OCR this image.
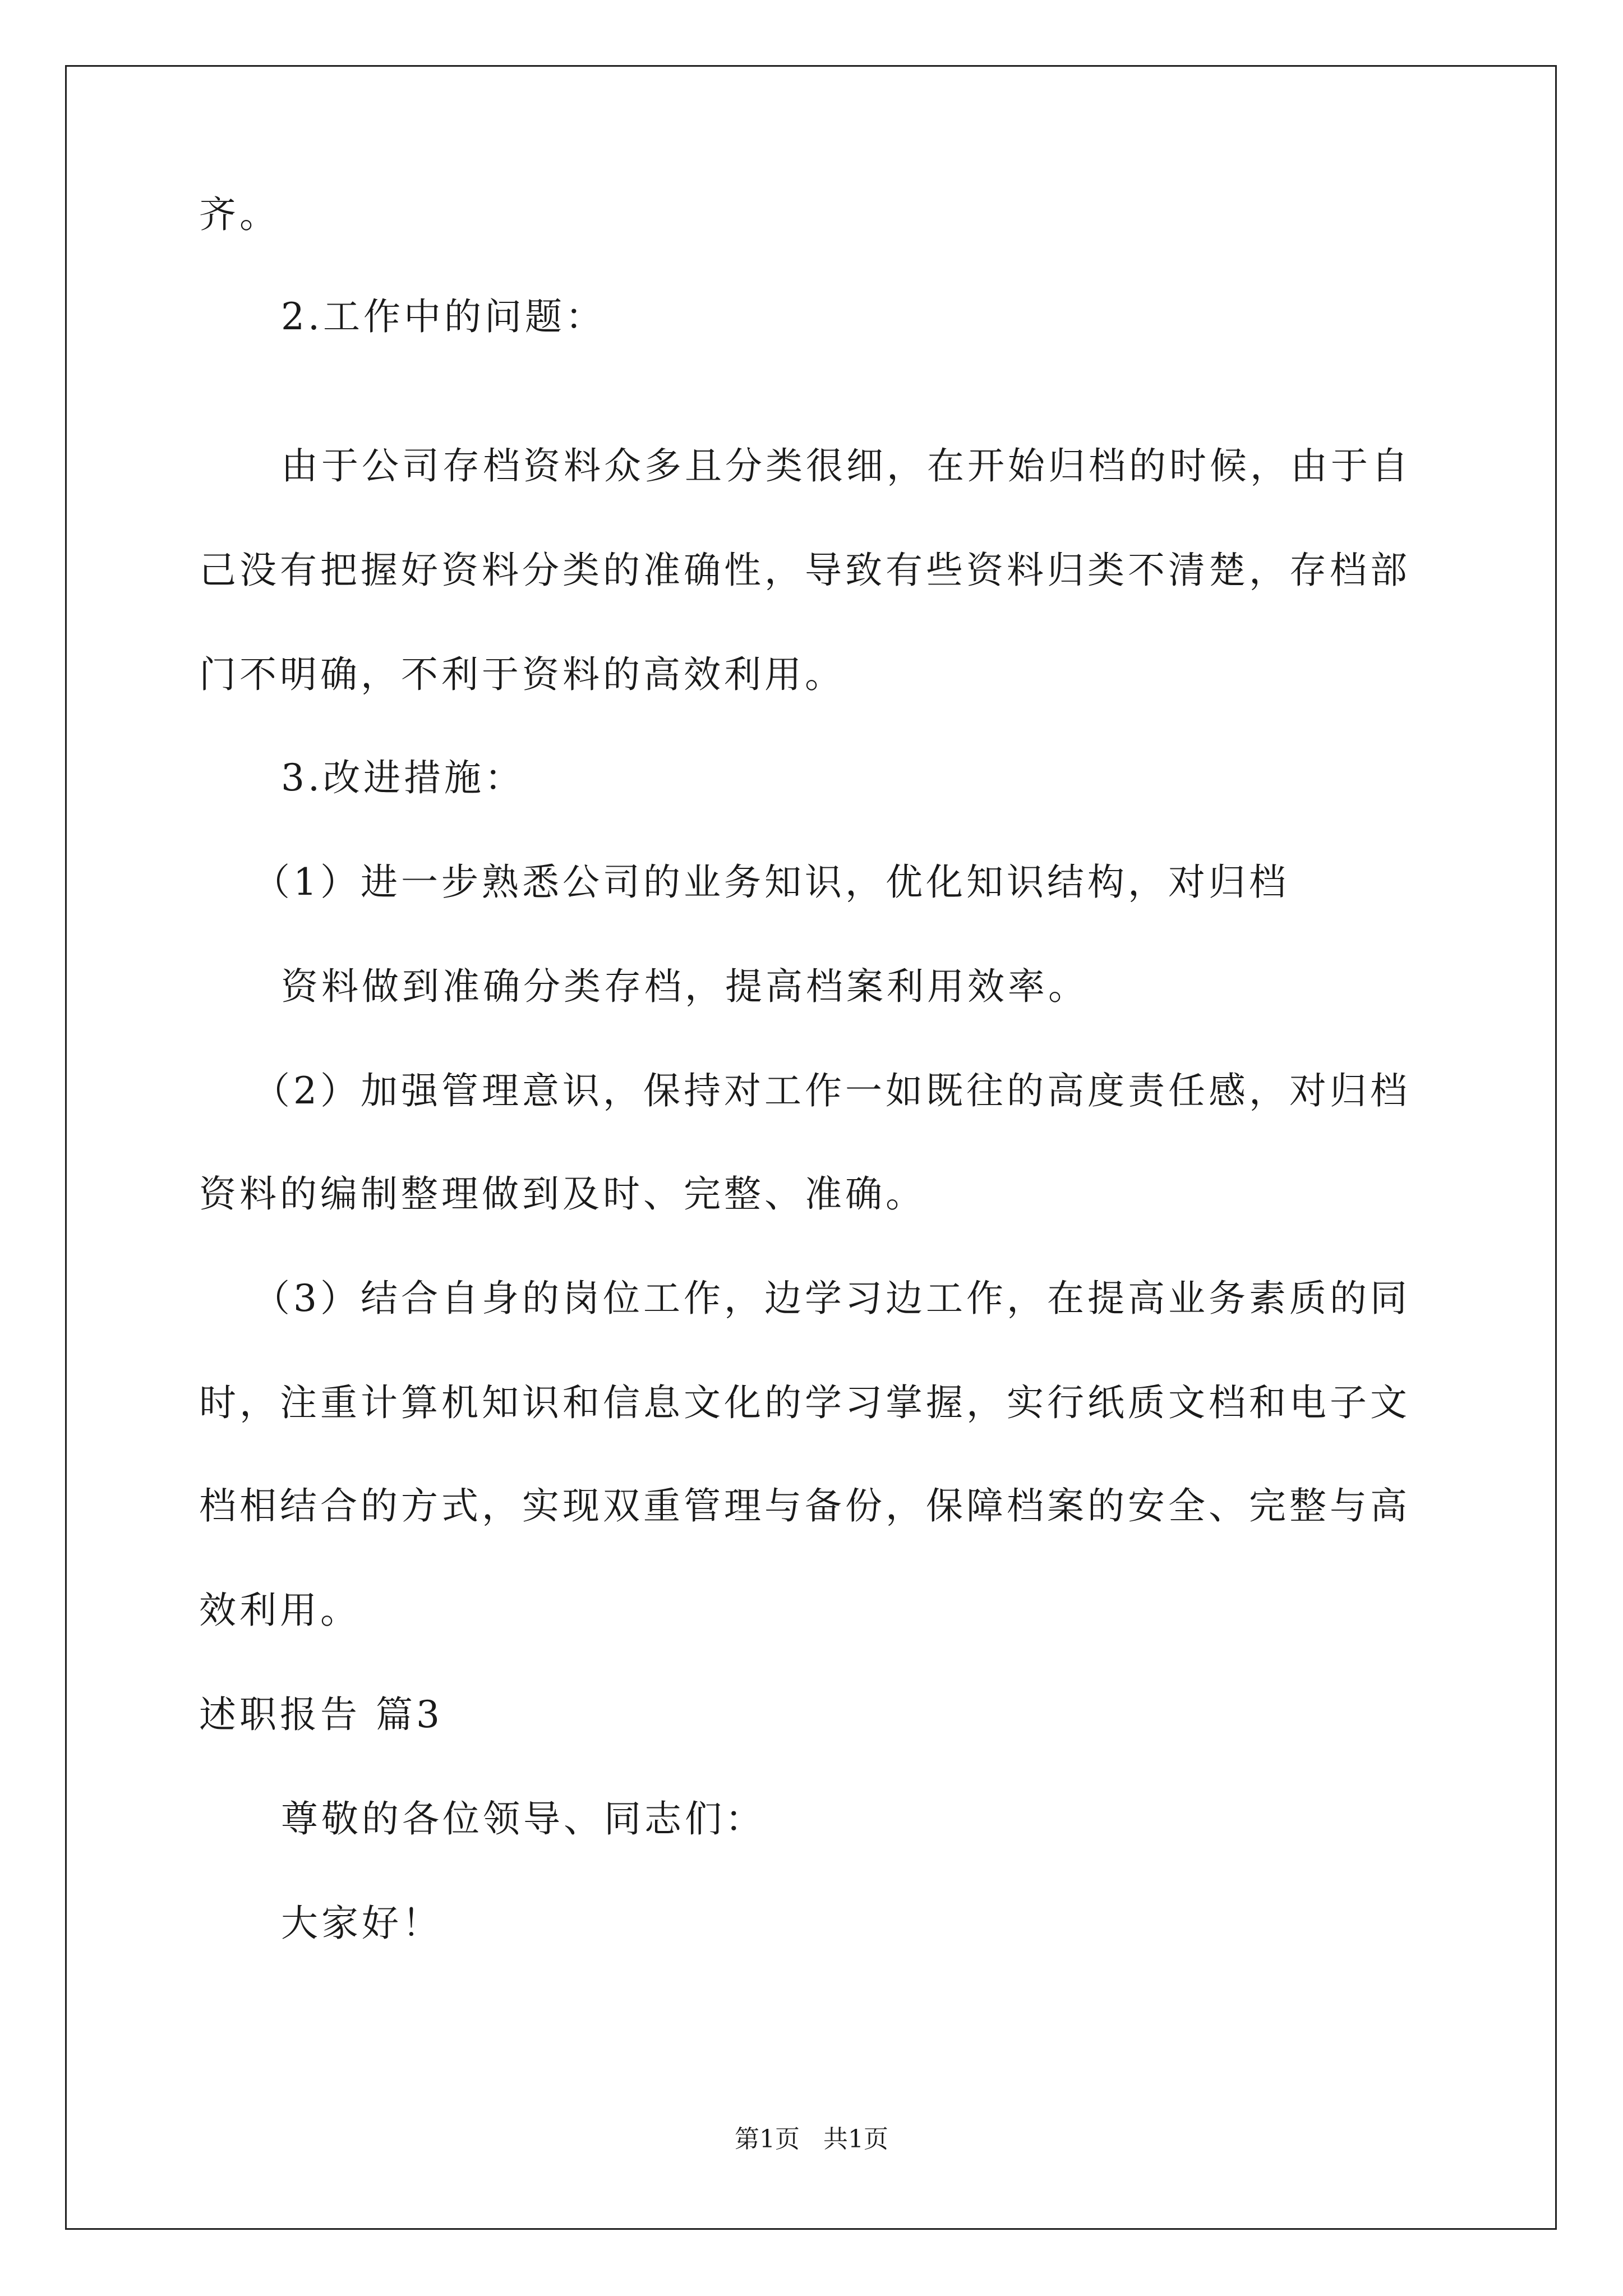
齐。
2.工作中的问题：
由于公司存档资料众多且分类很细，在开始归档的时候，由于自
己没有把握好资料分类的准确性，导致有些资料归类不清楚，存档部
门不明确，不利于资料的高效利用。
3.改进措施：
（1）进一步熟悉公司的业务知识，优化知识结构，对归档
资料做到准确分类存档，提高档案利用效率。
（2）加强管理意识，保持对工作一如既往的高度责任感，对归档
资料的编制整理做到及时、完整、准确。
（3）结合自身的岗位工作，边学习边工作，在提高业务素质的同
时，注重计算机知识和信息文化的学习掌握，实行纸质文档和电子文
档相结合的方式，实现双重管理与备份，保障档案的安全、完整与高
效利用。
述职报告 篇3
尊敬的各位领导、同志们：
大家好！
第1页   共1页
